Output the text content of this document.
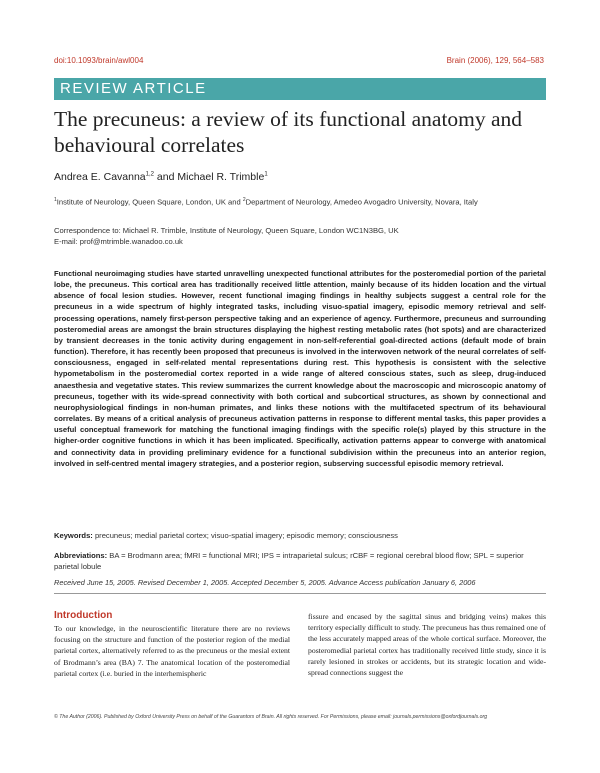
doi:10.1093/brain/awl004	Brain (2006), 129, 564–583
REVIEW ARTICLE
The precuneus: a review of its functional anatomy and behavioural correlates
Andrea E. Cavanna$^{1,2}$ and Michael R. Trimble$^1$
$^1$Institute of Neurology, Queen Square, London, UK and $^2$Department of Neurology, Amedeo Avogadro University, Novara, Italy
Correspondence to: Michael R. Trimble, Institute of Neurology, Queen Square, London WC1N3BG, UK
E-mail: prof@mtrimble.wanadoo.co.uk
Functional neuroimaging studies have started unravelling unexpected functional attributes for the posteromedial portion of the parietal lobe, the precuneus. This cortical area has traditionally received little attention, mainly because of its hidden location and the virtual absence of focal lesion studies. However, recent functional imaging findings in healthy subjects suggest a central role for the precuneus in a wide spectrum of highly integrated tasks, including visuo-spatial imagery, episodic memory retrieval and self-processing operations, namely first-person perspective taking and an experience of agency. Furthermore, precuneus and surrounding posteromedial areas are amongst the brain structures displaying the highest resting metabolic rates (hot spots) and are characterized by transient decreases in the tonic activity during engagement in non-self-referential goal-directed actions (default mode of brain function). Therefore, it has recently been proposed that precuneus is involved in the interwoven network of the neural correlates of self-consciousness, engaged in self-related mental representations during rest. This hypothesis is consistent with the selective hypometabolism in the posteromedial cortex reported in a wide range of altered conscious states, such as sleep, drug-induced anaesthesia and vegetative states. This review summarizes the current knowledge about the macroscopic and microscopic anatomy of precuneus, together with its wide-spread connectivity with both cortical and subcortical structures, as shown by connectional and neurophysiological findings in non-human primates, and links these notions with the multifaceted spectrum of its behavioural correlates. By means of a critical analysis of precuneus activation patterns in response to different mental tasks, this paper provides a useful conceptual framework for matching the functional imaging findings with the specific role(s) played by this structure in the higher-order cognitive functions in which it has been implicated. Specifically, activation patterns appear to converge with anatomical and connectivity data in providing preliminary evidence for a functional subdivision within the precuneus into an anterior region, involved in self-centred mental imagery strategies, and a posterior region, subserving successful episodic memory retrieval.
Keywords: precuneus; medial parietal cortex; visuo-spatial imagery; episodic memory; consciousness
Abbreviations: BA = Brodmann area; fMRI = functional MRI; IPS = intraparietal sulcus; rCBF = regional cerebral blood flow; SPL = superior parietal lobule
Received June 15, 2005. Revised December 1, 2005. Accepted December 5, 2005. Advance Access publication January 6, 2006
Introduction
To our knowledge, in the neuroscientific literature there are no reviews focusing on the structure and function of the posterior region of the medial parietal cortex, alternatively referred to as the precuneus or the mesial extent of Brodmann’s area (BA) 7. The anatomical location of the posteromedial parietal cortex (i.e. buried in the interhemispheric
fissure and encased by the sagittal sinus and bridging veins) makes this territory especially difficult to study. The precuneus has thus remained one of the less accurately mapped areas of the whole cortical surface. Moreover, the posteromedial parietal cortex has traditionally received little study, since it is rarely lesioned in strokes or accidents, but its strategic location and wide-spread connections suggest the
© The Author (2006). Published by Oxford University Press on behalf of the Guarantors of Brain. All rights reserved. For Permissions, please email: journals.permissions@oxfordjournals.org
